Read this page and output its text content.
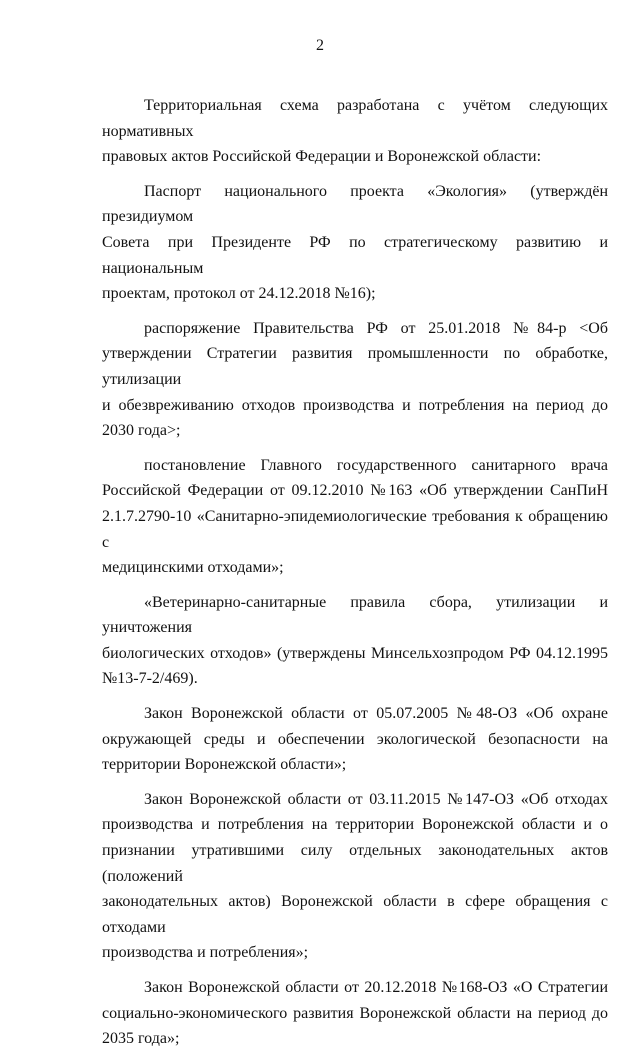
2
Территориальная схема разработана с учётом следующих нормативных
правовых актов Российской Федерации и Воронежской области:
Паспорт национального проекта «Экология» (утверждён президиумом
Совета при Президенте РФ по стратегическому развитию и национальным
проектам, протокол от 24.12.2018 №16);
распоряжение Правительства РФ от 25.01.2018 №84-р <Об
утверждении Стратегии развития промышленности по обработке, утилизации
и обезвреживанию отходов производства и потребления на период до
2030 года>;
постановление Главного государственного санитарного врача
Российской Федерации от 09.12.2010 №163 «Об утверждении СанПиН
2.1.7.2790-10 «Санитарно-эпидемиологические требования к обращению с
медицинскими отходами»;
«Ветеринарно-санитарные правила сбора, утилизации и уничтожения
биологических отходов» (утверждены Минсельхозпродом РФ 04.12.1995
№13-7-2/469).
Закон Воронежской области от 05.07.2005 №48-ОЗ «Об охране
окружающей среды и обеспечении экологической безопасности на
территории Воронежской области»;
Закон Воронежской области от 03.11.2015 №147-ОЗ «Об отходах
производства и потребления на территории Воронежской области и о
признании утратившими силу отдельных законодательных актов (положений
законодательных актов) Воронежской области в сфере обращения с отходами
производства и потребления»;
Закон Воронежской области от 20.12.2018 №168-ОЗ «О Стратегии
социально-экономического развития Воронежской области на период до
2035 года»;
